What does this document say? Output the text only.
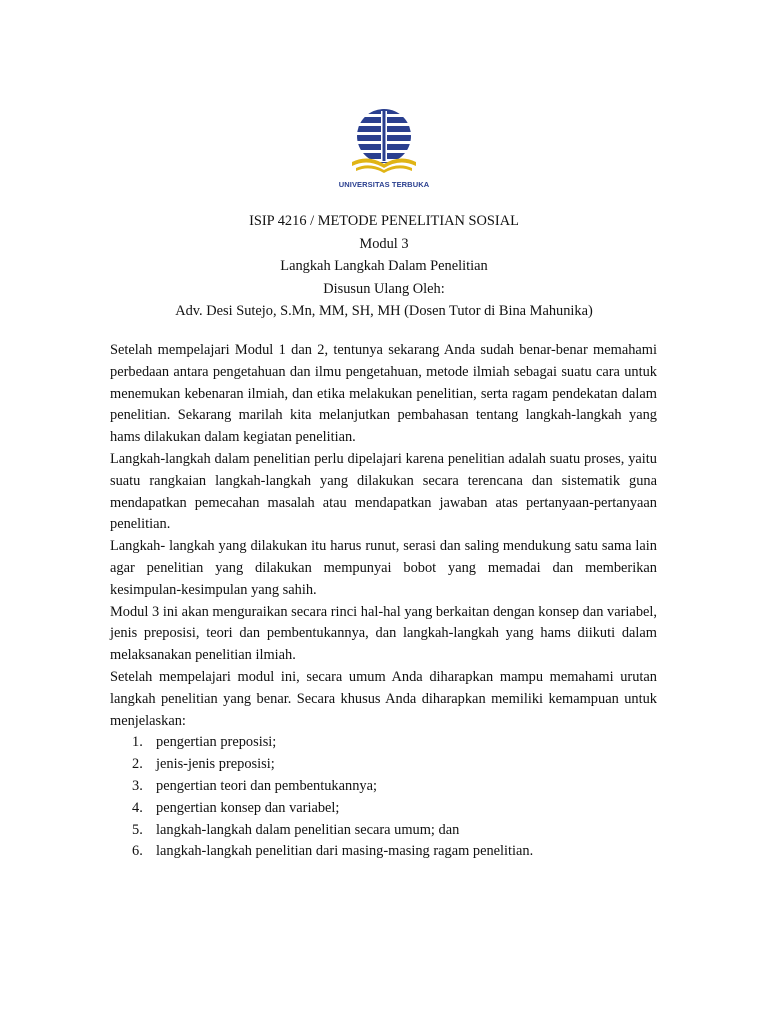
UNIVERSITAS TERBUKA
ISIP 4216 / METODE PENELITIAN SOSIAL
Modul 3
Langkah Langkah Dalam Penelitian
Disusun Ulang Oleh:
Adv. Desi Sutejo, S.Mn, MM, SH, MH (Dosen Tutor di Bina Mahunika)

Setelah mempelajari Modul 1 dan 2, tentunya sekarang Anda sudah benar-benar memahami perbedaan antara pengetahuan dan ilmu pengetahuan, metode ilmiah sebagai suatu cara untuk menemukan kebenaran ilmiah, dan etika melakukan penelitian, serta ragam pendekatan dalam penelitian. Sekarang marilah kita melanjutkan pembahasan tentang langkah-langkah yang hams dilakukan dalam kegiatan penelitian.

Langkah-langkah dalam penelitian perlu dipelajari karena penelitian adalah suatu proses, yaitu suatu rangkaian langkah-langkah yang dilakukan secara terencana dan sistematik guna mendapatkan pemecahan masalah atau mendapatkan jawaban atas pertanyaan-pertanyaan penelitian.

Langkah- langkah yang dilakukan itu harus runut, serasi dan saling mendukung satu sama lain agar penelitian yang dilakukan mempunyai bobot yang memadai dan memberikan kesimpulan-kesimpulan yang sahih.

Modul 3 ini akan menguraikan secara rinci hal-hal yang berkaitan dengan konsep dan variabel, jenis preposisi, teori dan pembentukannya, dan langkah-langkah yang hams diikuti dalam melaksanakan penelitian ilmiah.

Setelah mempelajari modul ini, secara umum Anda diharapkan mampu memahami urutan langkah penelitian yang benar. Secara khusus Anda diharapkan memiliki kemampuan untuk menjelaskan:

1. pengertian preposisi;
2. jenis-jenis preposisi;
3. pengertian teori dan pembentukannya;
4. pengertian konsep dan variabel;
5. langkah-langkah dalam penelitian secara umum; dan
6. langkah-langkah penelitian dari masing-masing ragam penelitian.
